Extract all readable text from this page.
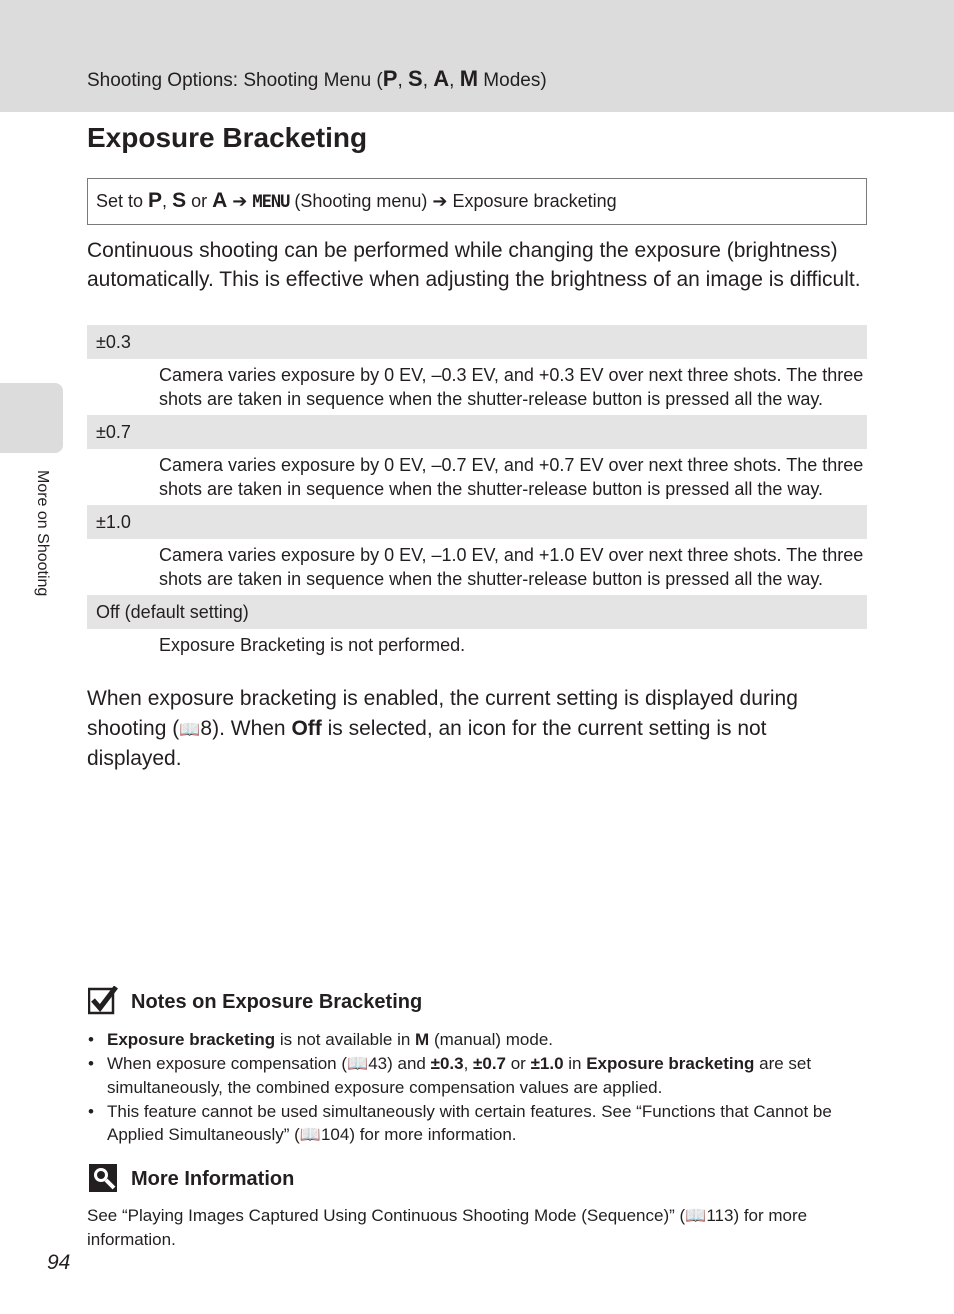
Shooting Options: Shooting Menu (P, S, A, M Modes)
More on Shooting
Exposure Bracketing
Set to P, S or A ➔ MENU (Shooting menu) ➔ Exposure bracketing

Continuous shooting can be performed while changing the exposure (brightness) automatically. This is effective when adjusting the brightness of an image is difficult.

±0.3
Camera varies exposure by 0 EV, –0.3 EV, and +0.3 EV over next three shots. The three shots are taken in sequence when the shutter-release button is pressed all the way.
±0.7
Camera varies exposure by 0 EV, –0.7 EV, and +0.7 EV over next three shots. The three shots are taken in sequence when the shutter-release button is pressed all the way.
±1.0
Camera varies exposure by 0 EV, –1.0 EV, and +1.0 EV over next three shots. The three shots are taken in sequence when the shutter-release button is pressed all the way.
Off (default setting)
Exposure Bracketing is not performed.

When exposure bracketing is enabled, the current setting is displayed during shooting (📖8). When Off is selected, an icon for the current setting is not displayed.

Notes on Exposure Bracketing
• Exposure bracketing is not available in M (manual) mode.
• When exposure compensation (📖43) and ±0.3, ±0.7 or ±1.0 in Exposure bracketing are set simultaneously, the combined exposure compensation values are applied.
• This feature cannot be used simultaneously with certain features. See “Functions that Cannot be Applied Simultaneously” (📖104) for more information.
More Information

See “Playing Images Captured Using Continuous Shooting Mode (Sequence)” (📖113) for more information.

94
